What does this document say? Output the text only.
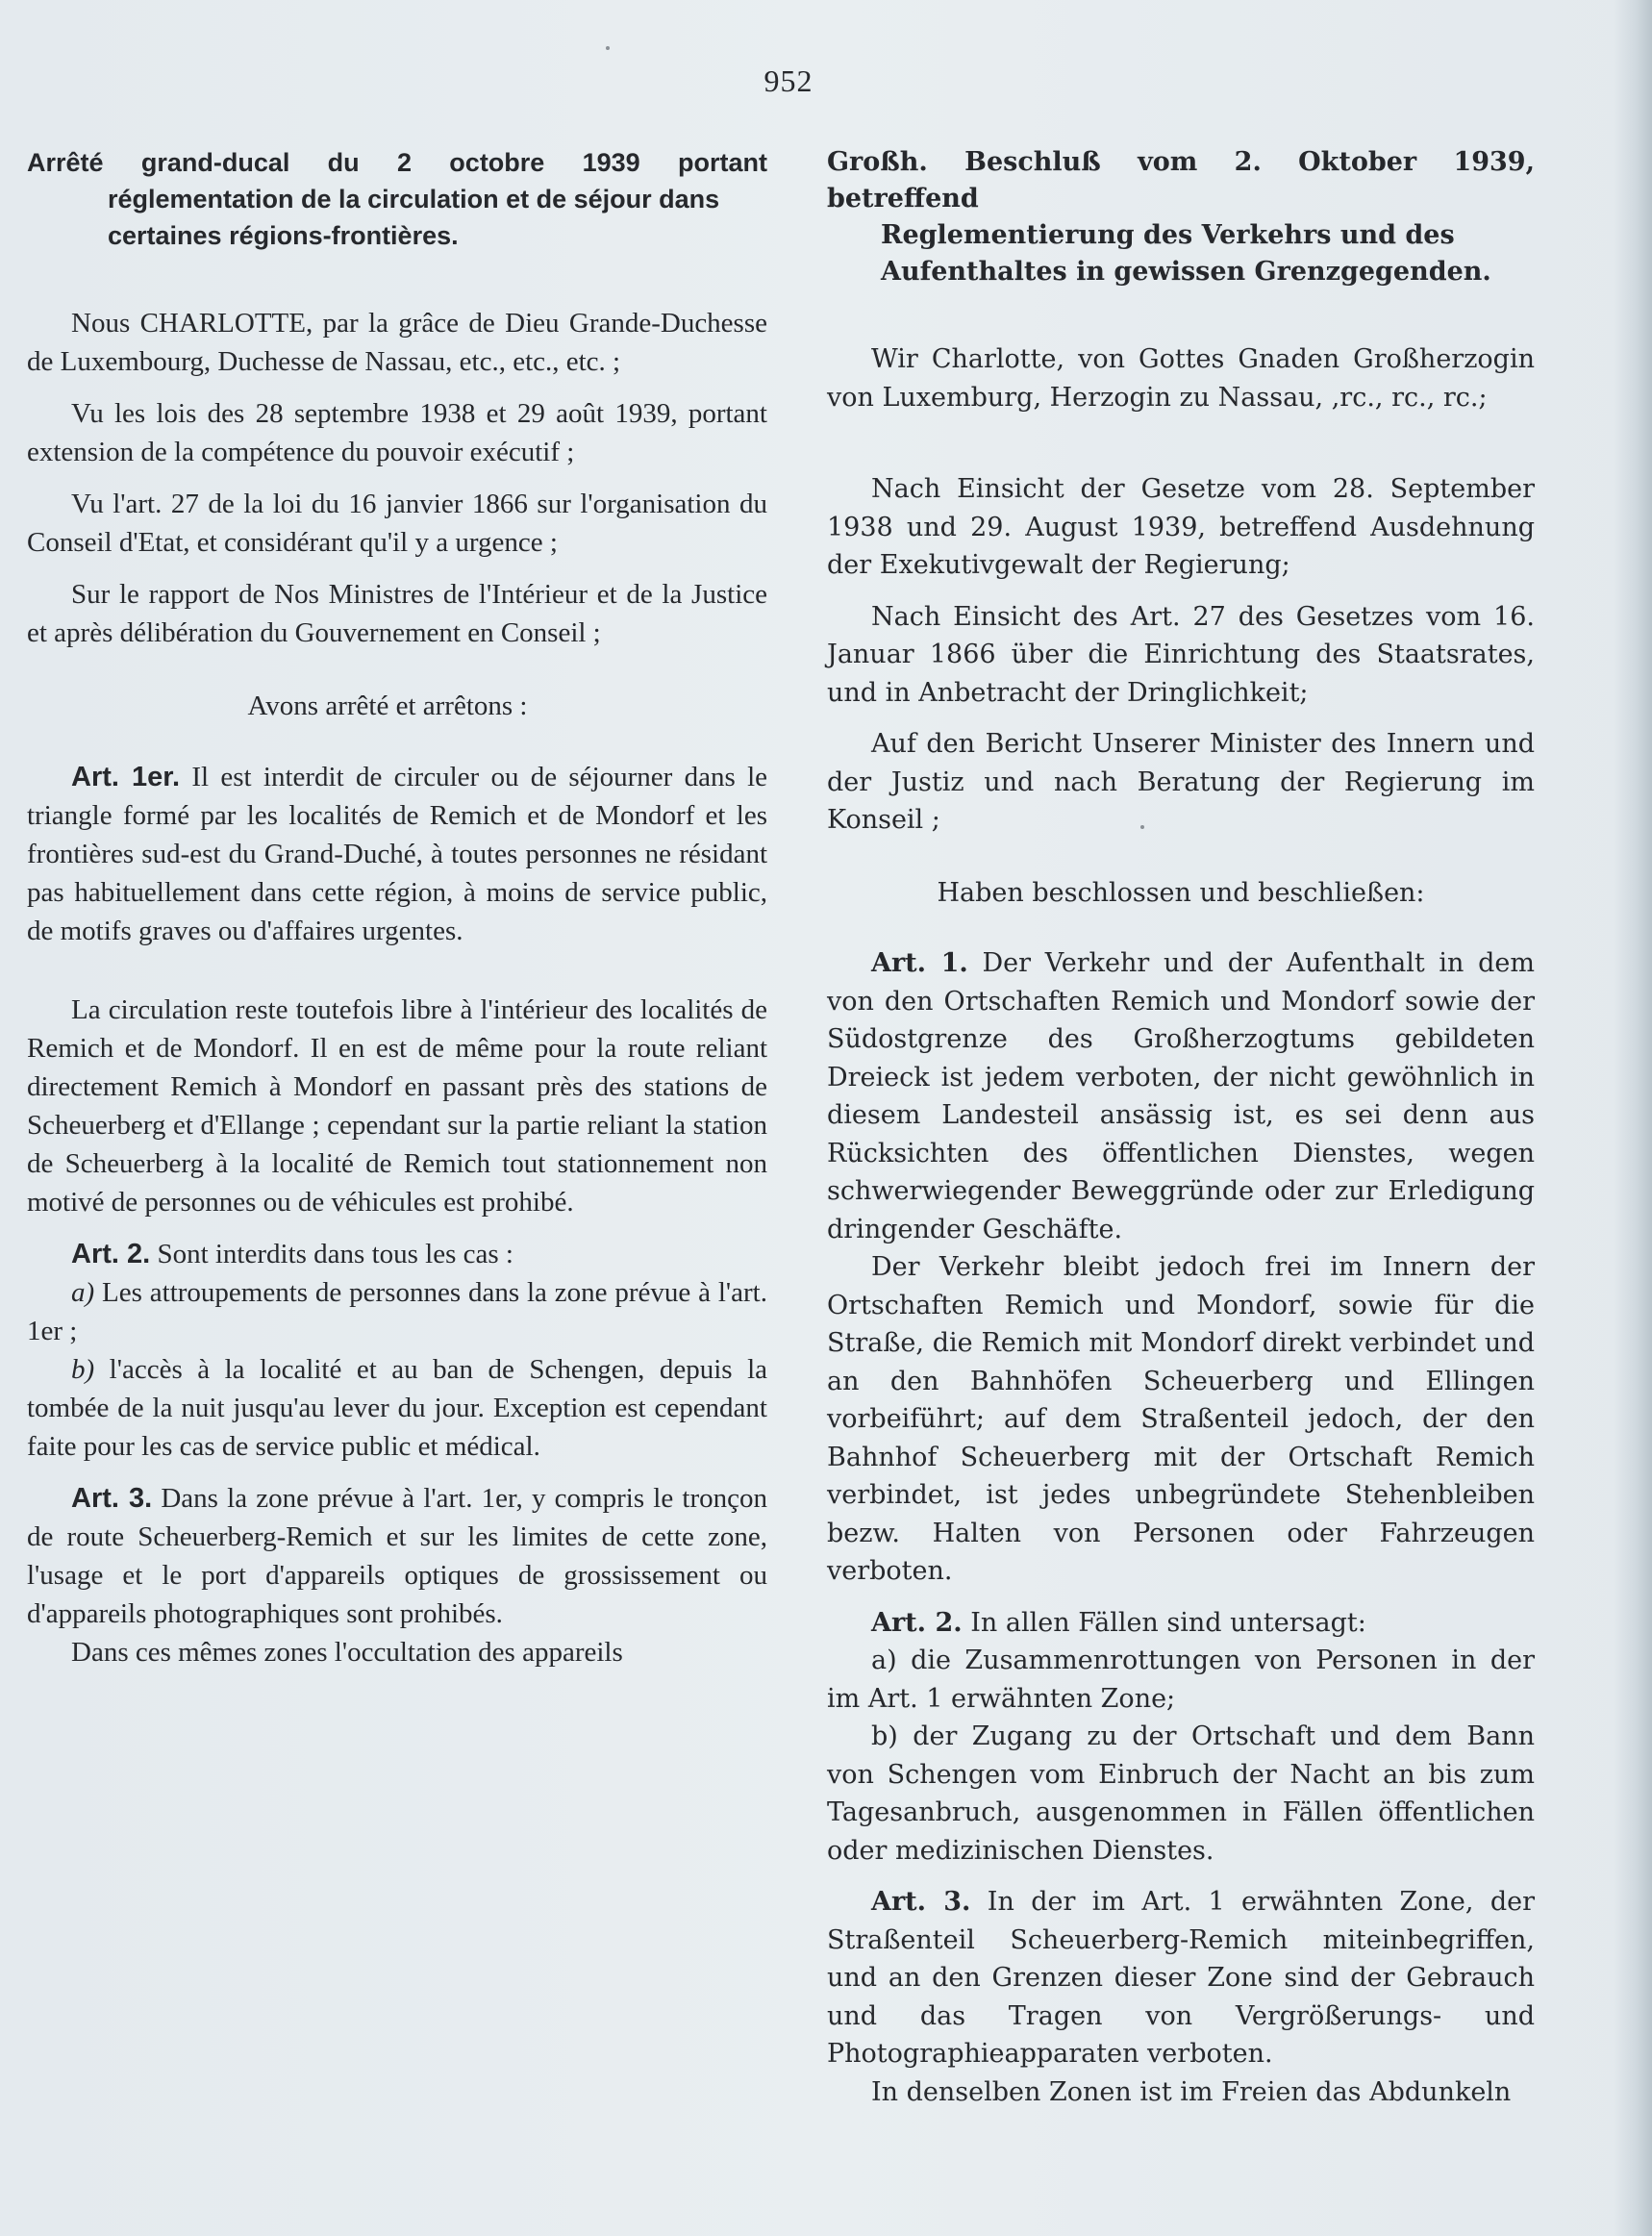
952
Arrêté grand-ducal du 2 octobre 1939 portant
réglementation de la circulation et de séjour dans certaines régions-frontières.

Nous CHARLOTTE, par la grâce de Dieu Grande-Duchesse de Luxembourg, Duchesse de Nassau, etc., etc., etc. ;

Vu les lois des 28 septembre 1938 et 29 août 1939, portant extension de la compétence du pouvoir exécutif ;

Vu l'art. 27 de la loi du 16 janvier 1866 sur l'organisation du Conseil d'Etat, et considérant qu'il y a urgence ;

Sur le rapport de Nos Ministres de l'Intérieur et de la Justice et après délibération du Gouvernement en Conseil ;

Avons arrêté et arrêtons :

Art. 1er. Il est interdit de circuler ou de séjourner dans le triangle formé par les localités de Remich et de Mondorf et les frontières sud-est du Grand-Duché, à toutes personnes ne résidant pas habituellement dans cette région, à moins de service public, de motifs graves ou d'affaires urgentes.

La circulation reste toutefois libre à l'intérieur des localités de Remich et de Mondorf. Il en est de même pour la route reliant directement Remich à Mondorf en passant près des stations de Scheuerberg et d'Ellange ; cependant sur la partie reliant la station de Scheuerberg à la localité de Remich tout stationnement non motivé de personnes ou de véhicules est prohibé.

Art. 2. Sont interdits dans tous les cas :

a) Les attroupements de personnes dans la zone prévue à l'art. 1er ;

b) l'accès à la localité et au ban de Schengen, depuis la tombée de la nuit jusqu'au lever du jour. Exception est cependant faite pour les cas de service public et médical.

Art. 3. Dans la zone prévue à l'art. 1er, y compris le tronçon de route Scheuerberg-Remich et sur les limites de cette zone, l'usage et le port d'appareils optiques de grossissement ou d'appareils photographiques sont prohibés.

Dans ces mêmes zones l'occultation des appareils

Großh. Beschluß vom 2. Oktober 1939, betreffend
Reglementierung des Verkehrs und des Aufenthaltes in gewissen Grenzgegenden.

Wir Charlotte, von Gottes Gnaden Großherzogin von Luxemburg, Herzogin zu Nassau, ,rc., rc., rc.;

Nach Einsicht der Gesetze vom 28. September 1938 und 29. August 1939, betreffend Ausdehnung der Exekutivgewalt der Regierung;

Nach Einsicht des Art. 27 des Gesetzes vom 16. Januar 1866 über die Einrichtung des Staatsrates, und in Anbetracht der Dringlichkeit;

Auf den Bericht Unserer Minister des Innern und der Justiz und nach Beratung der Regierung im Konseil ;

Haben beschlossen und beschließen:

Art. 1. Der Verkehr und der Aufenthalt in dem von den Ortschaften Remich und Mondorf sowie der Südostgrenze des Großherzogtums gebildeten Dreieck ist jedem verboten, der nicht gewöhnlich in diesem Landesteil ansässig ist, es sei denn aus Rücksichten des öffentlichen Dienstes, wegen schwerwiegender Beweggründe oder zur Erledigung dringender Geschäfte.

Der Verkehr bleibt jedoch frei im Innern der Ortschaften Remich und Mondorf, sowie für die Straße, die Remich mit Mondorf direkt verbindet und an den Bahnhöfen Scheuerberg und Ellingen vorbeiführt; auf dem Straßenteil jedoch, der den Bahnhof Scheuerberg mit der Ortschaft Remich verbindet, ist jedes unbegründete Stehenbleiben bezw. Halten von Personen oder Fahrzeugen verboten.

Art. 2. In allen Fällen sind untersagt:

a) die Zusammenrottungen von Personen in der im Art. 1 erwähnten Zone;

b) der Zugang zu der Ortschaft und dem Bann von Schengen vom Einbruch der Nacht an bis zum Tagesanbruch, ausgenommen in Fällen öffentlichen oder medizinischen Dienstes.

Art. 3. In der im Art. 1 erwähnten Zone, der Straßenteil Scheuerberg-Remich miteinbegriffen, und an den Grenzen dieser Zone sind der Gebrauch und das Tragen von Vergrößerungs- und Photographieapparaten verboten.

In denselben Zonen ist im Freien das Abdunkeln
